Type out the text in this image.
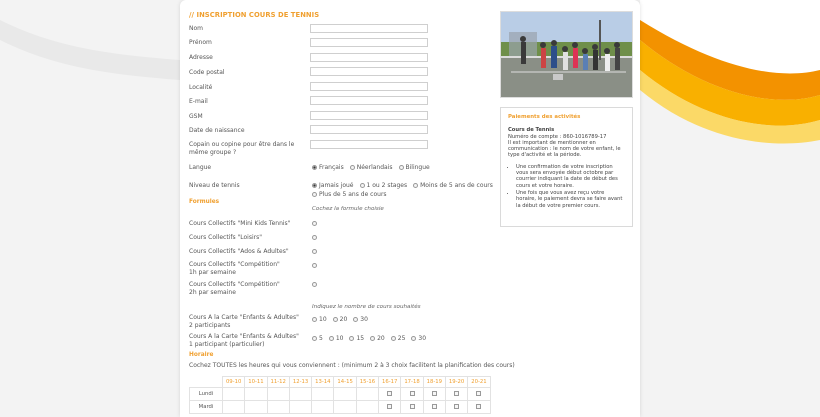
// INSCRIPTION COURS DE TENNIS
Nom
Prénom
Adresse
Code postal
Localité
E-mail
GSM
Date de naissance
Copain ou copine pour être dans le même groupe ?
Langue	Français Néerlandais Bilingue
Niveau de tennis	Jamais joué 1 ou 2 stages Moins de 5 ans de cours
Plus de 5 ans de cours
Formules
Cochez la formule choisie
Cours Collectifs "Mini Kids Tennis"
Cours Collectifs "Loisirs"
Cours Collectifs "Ados & Adultes"
Cours Collectifs "Compétition"
1h par semaine
Cours Collectifs "Compétition"
2h par semaine
Indiquez le nombre de cours souhaités
Cours A la Carte "Enfants & Adultes"
2 participants
10 20 30
Cours A la Carte "Enfants & Adultes"
1 participant (particulier)
5 10 15 20 25 30
Horaire
Cochez TOUTES les heures qui vous conviennent : (minimum 2 à 3 choix facilitent la planification des cours)
	09-10	10-11	11-12	12-13	13-14	14-15	15-16	16-17	17-18	18-19	19-20	20-21
Lundi												
Mardi												
Paiements des activités
Cours de Tennis
Numéro de compte : 860-1016789-17
Il est important de mentionner en communication : le nom de votre enfant, le type d'activité et la période.
• Une confirmation de votre inscription vous sera envoyée début octobre par courrier indiquant la date de début des cours et votre horaire.
• Une fois que vous avez reçu votre horaire, le paiement devra se faire avant la début de votre premier cours.
